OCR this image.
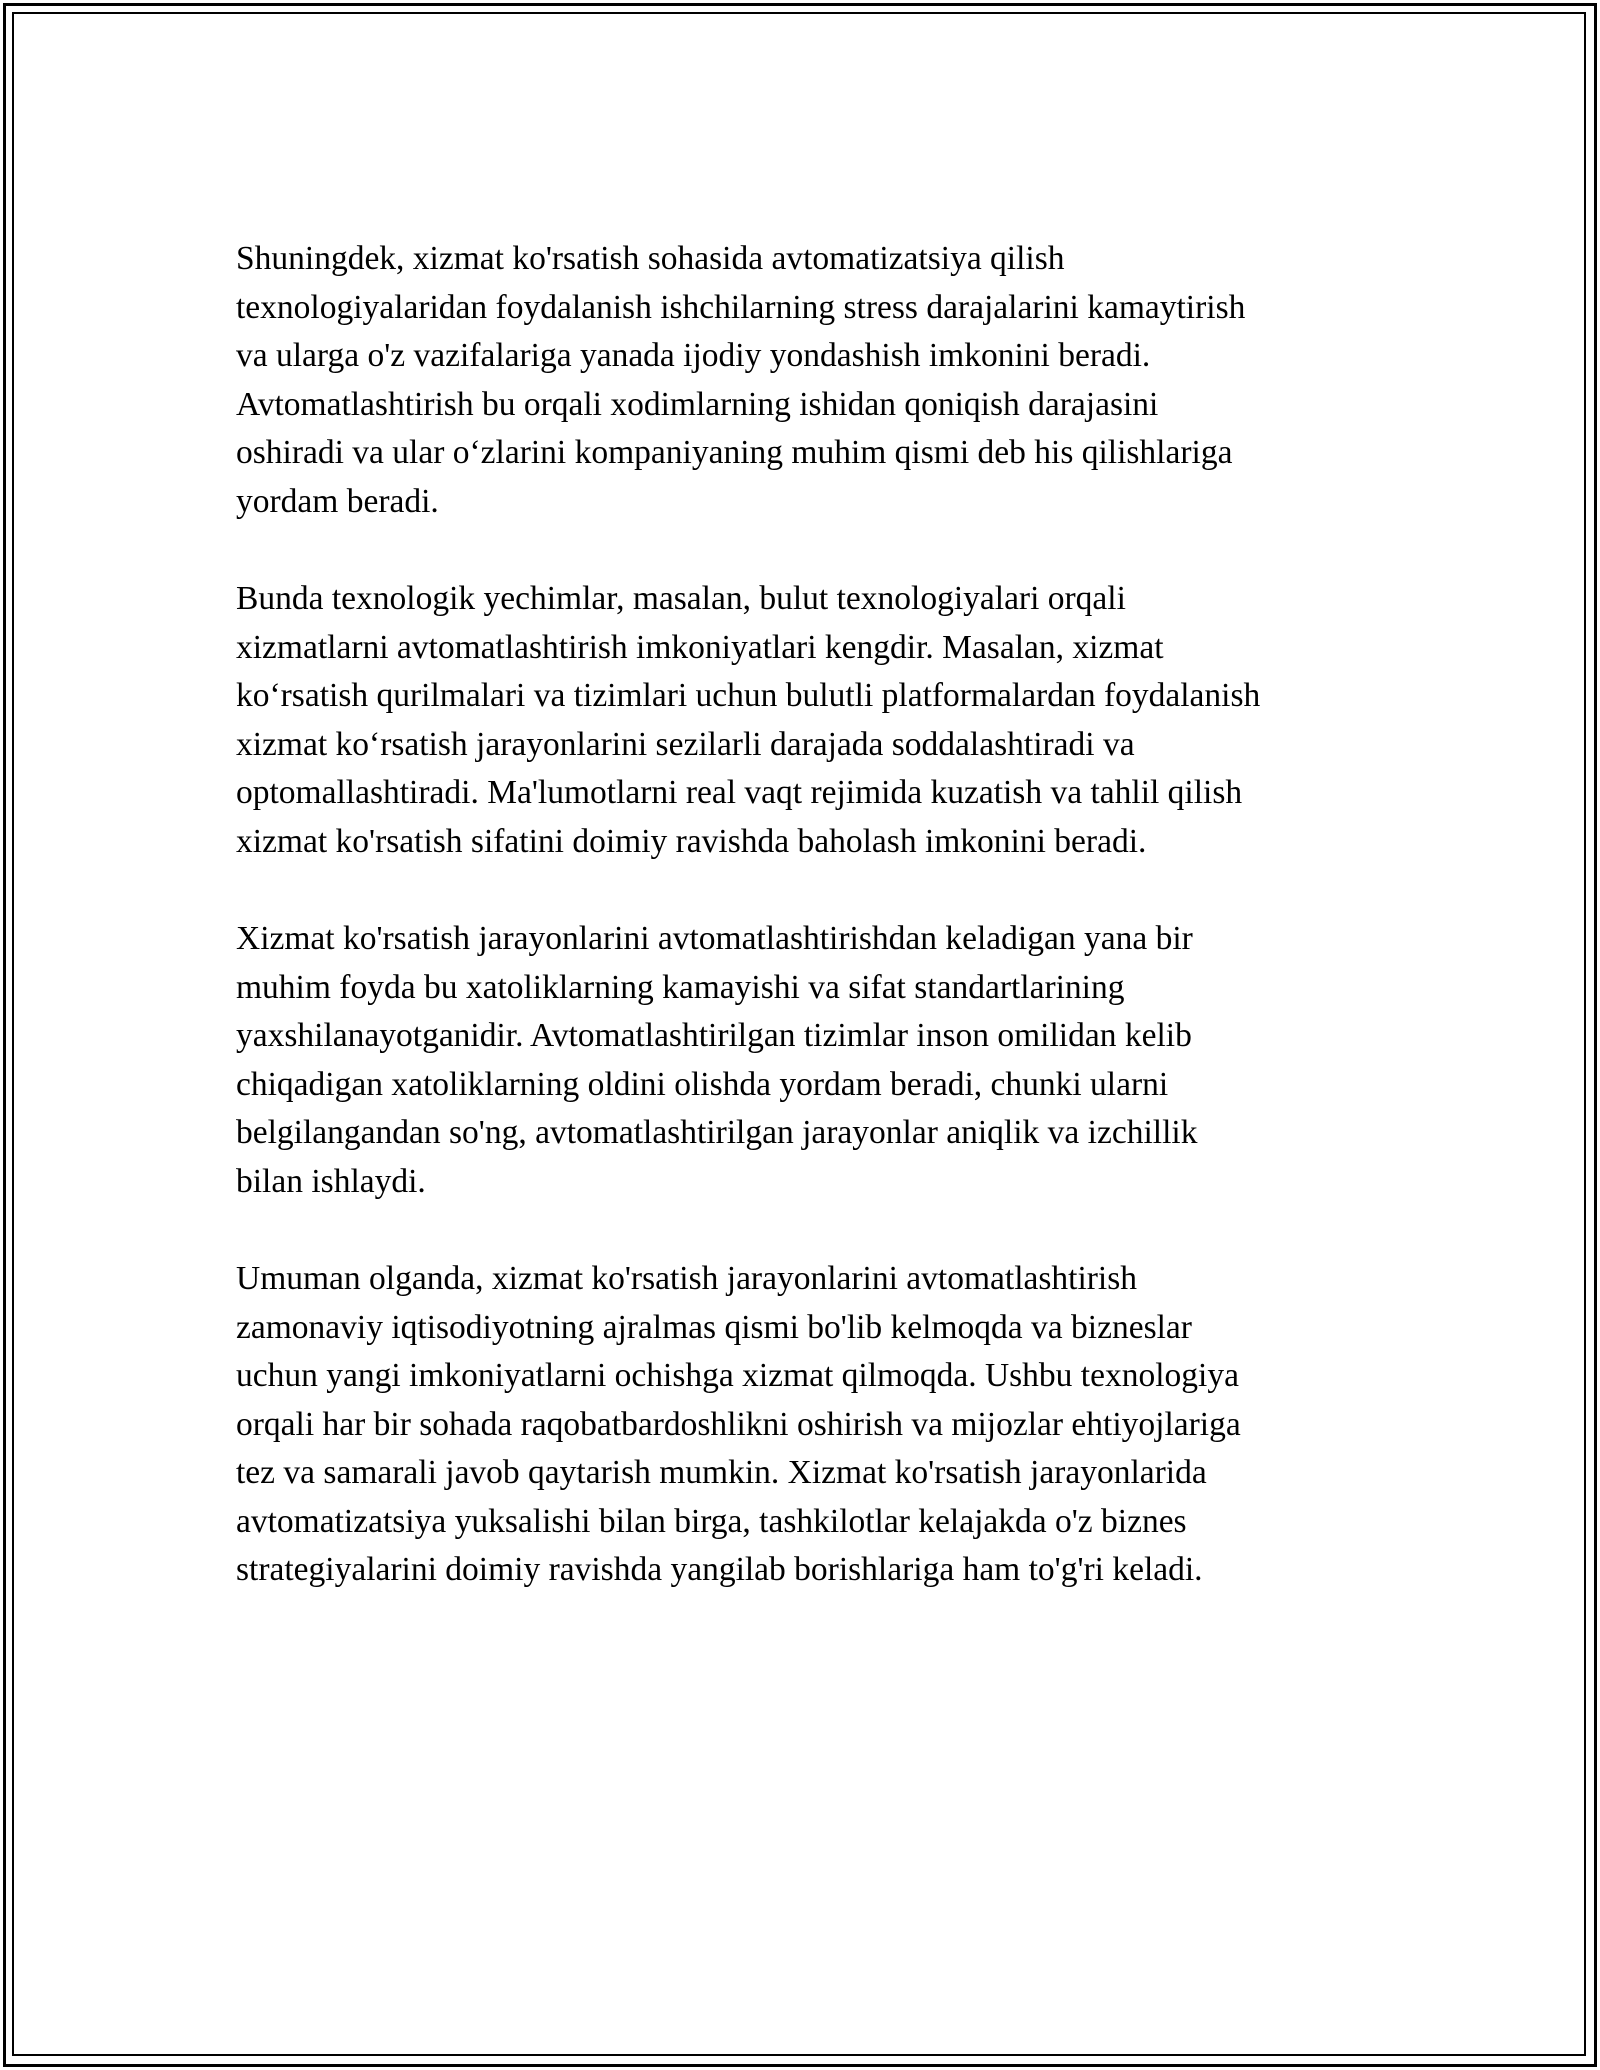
Shuningdek, xizmat ko'rsatish sohasida avtomatizatsiya qilish
texnologiyalaridan foydalanish ishchilarning stress darajalarini kamaytirish
va ularga o'z vazifalariga yanada ijodiy yondashish imkonini beradi.
Avtomatlashtirish bu orqali xodimlarning ishidan qoniqish darajasini
oshiradi va ular o‘zlarini kompaniyaning muhim qismi deb his qilishlariga
yordam beradi.

Bunda texnologik yechimlar, masalan, bulut texnologiyalari orqali
xizmatlarni avtomatlashtirish imkoniyatlari kengdir. Masalan, xizmat
ko‘rsatish qurilmalari va tizimlari uchun bulutli platformalardan foydalanish
xizmat ko‘rsatish jarayonlarini sezilarli darajada soddalashtiradi va
optomallashtiradi. Ma'lumotlarni real vaqt rejimida kuzatish va tahlil qilish
xizmat ko'rsatish sifatini doimiy ravishda baholash imkonini beradi.

Xizmat ko'rsatish jarayonlarini avtomatlashtirishdan keladigan yana bir
muhim foyda bu xatoliklarning kamayishi va sifat standartlarining
yaxshilanayotganidir. Avtomatlashtirilgan tizimlar inson omilidan kelib
chiqadigan xatoliklarning oldini olishda yordam beradi, chunki ularni
belgilangandan so'ng, avtomatlashtirilgan jarayonlar aniqlik va izchillik
bilan ishlaydi.

Umuman olganda, xizmat ko'rsatish jarayonlarini avtomatlashtirish
zamonaviy iqtisodiyotning ajralmas qismi bo'lib kelmoqda va bizneslar
uchun yangi imkoniyatlarni ochishga xizmat qilmoqda. Ushbu texnologiya
orqali har bir sohada raqobatbardoshlikni oshirish va mijozlar ehtiyojlariga
tez va samarali javob qaytarish mumkin. Xizmat ko'rsatish jarayonlarida
avtomatizatsiya yuksalishi bilan birga, tashkilotlar kelajakda o'z biznes
strategiyalarini doimiy ravishda yangilab borishlariga ham to'g'ri keladi.
